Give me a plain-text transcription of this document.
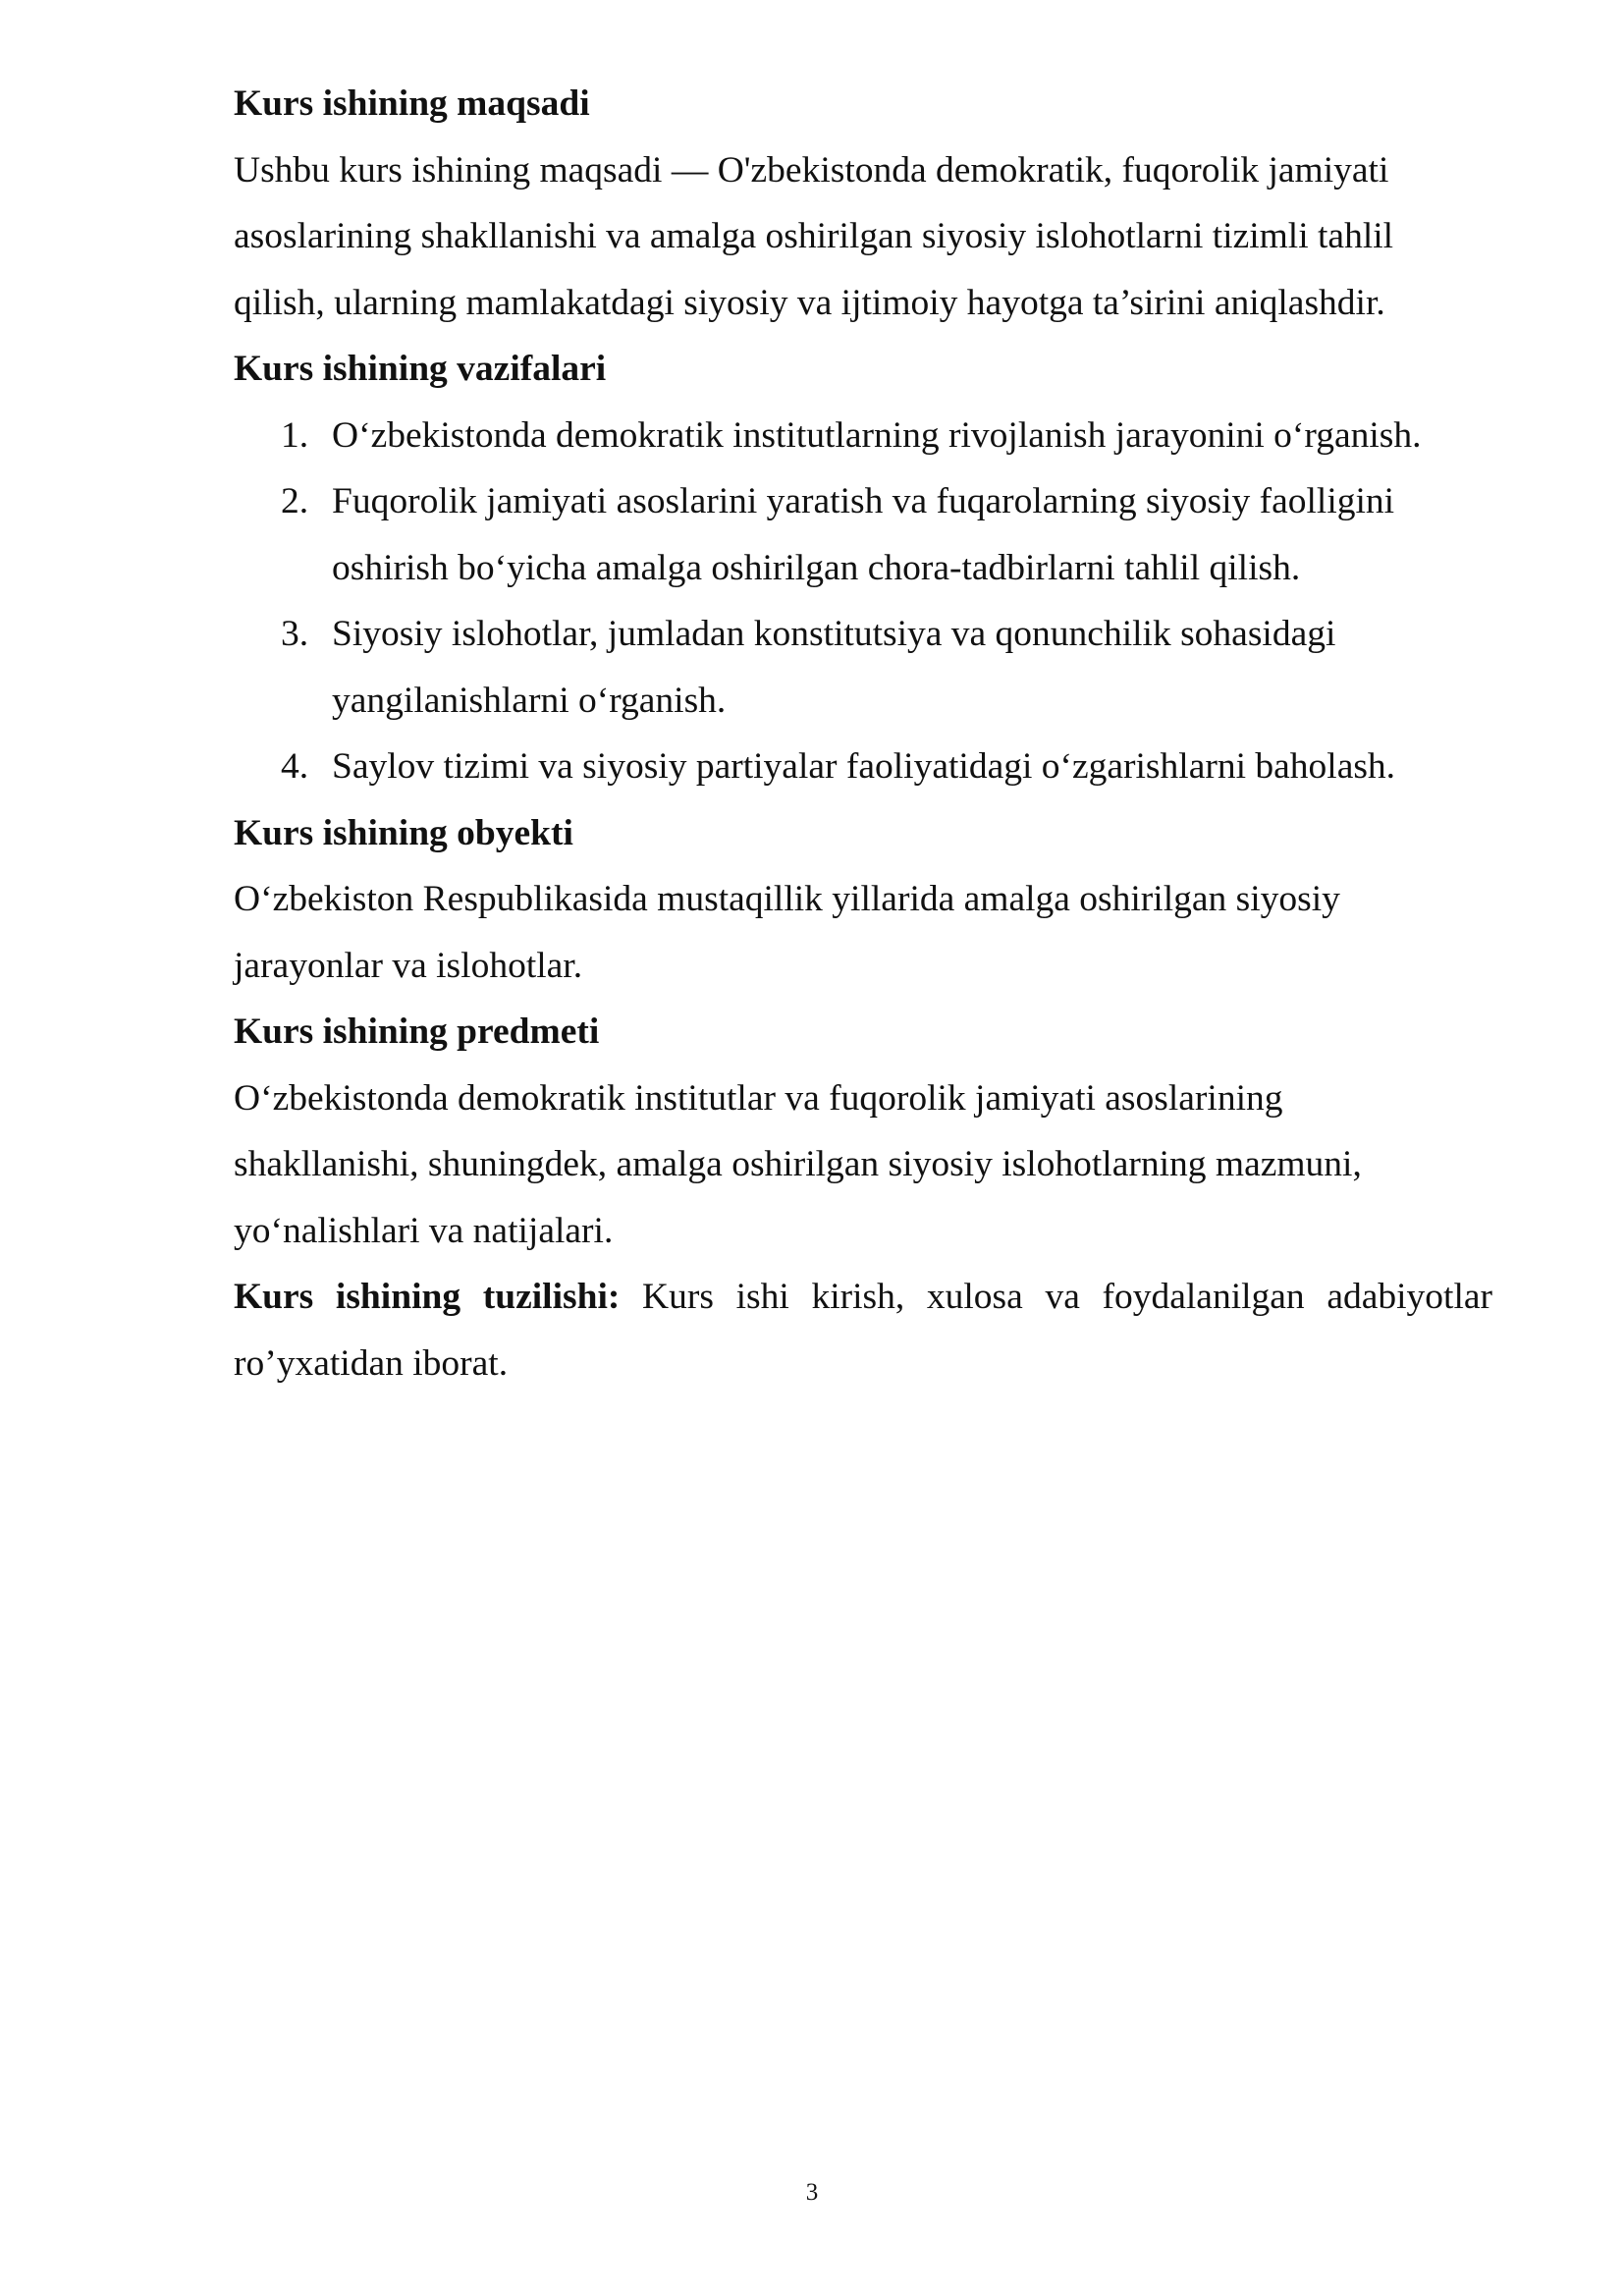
Kurs ishining maqsadi

Ushbu kurs ishining maqsadi — O'zbekistonda demokratik, fuqorolik jamiyati asoslarining shakllanishi va amalga oshirilgan siyosiy islohotlarni tizimli tahlil qilish, ularning mamlakatdagi siyosiy va ijtimoiy hayotga ta’sirini aniqlashdir.

Kurs ishining vazifalari

1. O‘zbekistonda demokratik institutlarning rivojlanish jarayonini o‘rganish.
2. Fuqorolik jamiyati asoslarini yaratish va fuqarolarning siyosiy faolligini oshirish bo‘yicha amalga oshirilgan chora-tadbirlarni tahlil qilish.
3. Siyosiy islohotlar, jumladan konstitutsiya va qonunchilik sohasidagi yangilanishlarni o‘rganish.
4. Saylov tizimi va siyosiy partiyalar faoliyatidagi o‘zgarishlarni baholash.

Kurs ishining obyekti

O‘zbekiston Respublikasida mustaqillik yillarida amalga oshirilgan siyosiy jarayonlar va islohotlar.

Kurs ishining predmeti

O‘zbekistonda demokratik institutlar va fuqorolik jamiyati asoslarining shakllanishi, shuningdek, amalga oshirilgan siyosiy islohotlarning mazmuni, yo‘nalishlari va natijalari.

Kurs ishining tuzilishi: Kurs ishi kirish, xulosa va foydalanilgan adabiyotlar ro’yxatidan iborat.

3
